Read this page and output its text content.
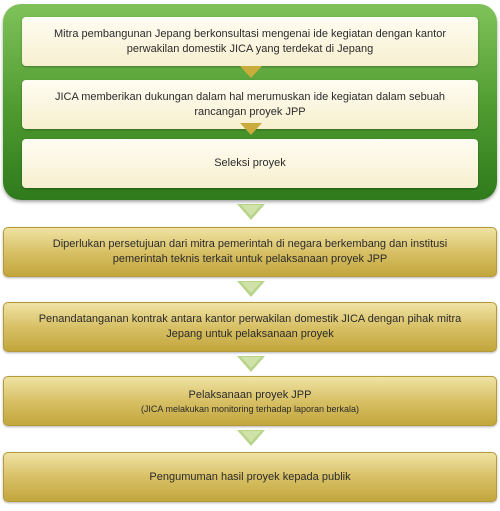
Mitra pembangunan Jepang berkonsultasi mengenai ide kegiatan dengan kantor perwakilan domestik JICA yang terdekat di Jepang
JICA memberikan dukungan dalam hal merumuskan ide kegiatan dalam sebuah rancangan proyek JPP
Seleksi proyek
Diperlukan persetujuan dari mitra pemerintah di negara berkembang dan institusi pemerintah teknis terkait untuk pelaksanaan proyek JPP
Penandatanganan kontrak antara kantor perwakilan domestik JICA dengan pihak mitra Jepang untuk pelaksanaan proyek
Pelaksanaan proyek JPP
(JICA melakukan monitoring terhadap laporan berkala)
Pengumuman hasil proyek kepada publik
